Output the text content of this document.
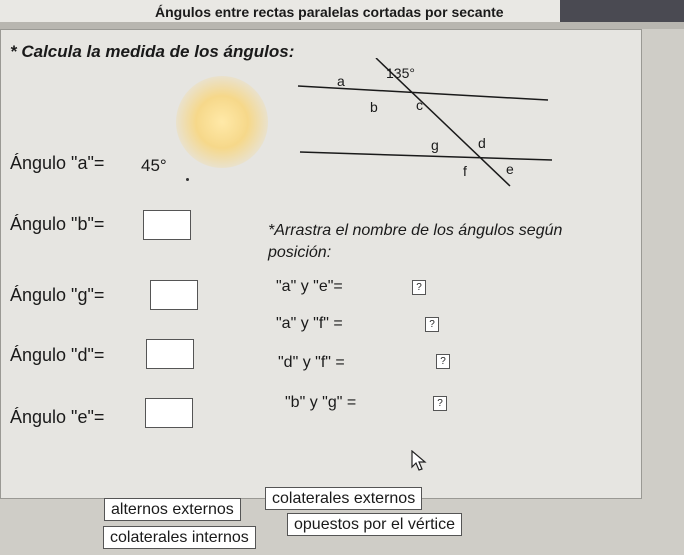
Ángulos entre rectas paralelas cortadas por secante
* Calcula la medida de los ángulos:
135°
a
b	c
g	d
f	e
Ángulo "a"= 45°
Ángulo "b"=
Ángulo "g"=
Ángulo "d"=
Ángulo "e"=
*Arrastra el nombre de los ángulos según posición:
"a" y "e"=	?
"a" y "f" =	?
"d" y "f" =	?
"b" y "g" =	?
alternos externos
colaterales externos
colaterales internos
opuestos por el vértice
